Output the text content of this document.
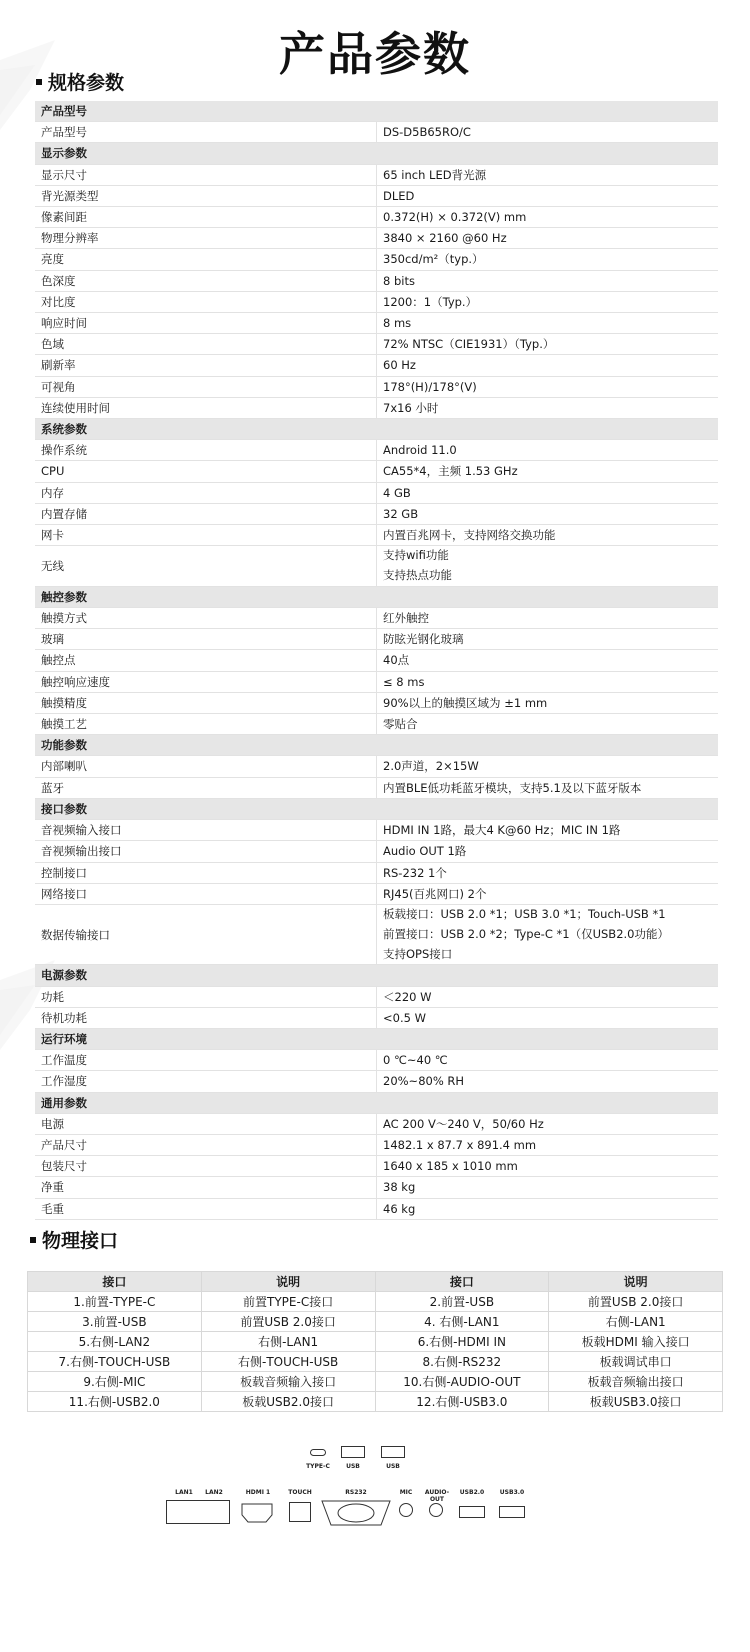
产品参数
规格参数
产品型号	
产品型号	DS-D5B65RO/C

显示参数	
显示尺寸	65 inch LED背光源

背光源类型	DLED

像素间距	0.372(H) × 0.372(V) mm

物理分辨率	3840 × 2160 @60 Hz

亮度	350cd/m²（typ.）

色深度	8 bits

对比度	1200：1（Typ.）

响应时间	8 ms

色域	72% NTSC（CIE1931）（Typ.）

刷新率	60 Hz

可视角	178°(H)/178°(V)

连续使用时间	7x16 小时

系统参数	
操作系统	Android 11.0

CPU	CA55*4，主频 1.53 GHz

内存	4 GB

内置存储	32 GB

网卡	内置百兆网卡，支持网络交换功能

无线	支持wifi功能
支持热点功能

触控参数	
触摸方式	红外触控

玻璃	防眩光钢化玻璃

触控点	40点

触控响应速度	≤ 8 ms

触摸精度	90%以上的触摸区域为 ±1 mm

触摸工艺	零贴合

功能参数	
内部喇叭	2.0声道，2×15W

蓝牙	内置BLE低功耗蓝牙模块，支持5.1及以下蓝牙版本

接口参数	
音视频输入接口	HDMI IN 1路，最大4 K@60 Hz；MIC IN 1路

音视频输出接口	Audio OUT 1路

控制接口	RS-232 1个

网络接口	RJ45(百兆网口) 2个

数据传输接口	板载接口：USB 2.0 *1；USB 3.0 *1；Touch-USB *1
前置接口：USB 2.0 *2；Type-C *1（仅USB2.0功能）
支持OPS接口

电源参数	
功耗	＜220 W

待机功耗	<0.5 W

运行环境	
工作温度	0 ℃~40 ℃

工作湿度	20%~80% RH

通用参数	
电源	AC 200 V～240 V，50/60 Hz

产品尺寸	1482.1 x 87.7 x 891.4 mm

包装尺寸	1640 x 185 x 1010 mm

净重	38 kg

毛重	46 kg
物理接口
接口	说明	接口	说明
1.前置-TYPE-C	前置TYPE-C接口	2.前置-USB	前置USB 2.0接口
3.前置-USB	前置USB 2.0接口	4. 右侧-LAN1	右侧-LAN1
5.右侧-LAN2	右侧-LAN1	6.右侧-HDMI IN	板载HDMI 输入接口
7.右侧-TOUCH-USB	右侧-TOUCH-USB	8.右侧-RS232	板载调试串口
9.右侧-MIC	板载音频输入接口	10.右侧-AUDIO-OUT	板载音频输出接口
11.右侧-USB2.0	板载USB2.0接口	12.右侧-USB3.0	板载USB3.0接口
TYPE-C	USB	USB
LAN1	LAN2	HDMI 1	TOUCH	RS232	MIC	AUDIO-OUT
USB2.0	USB3.0
